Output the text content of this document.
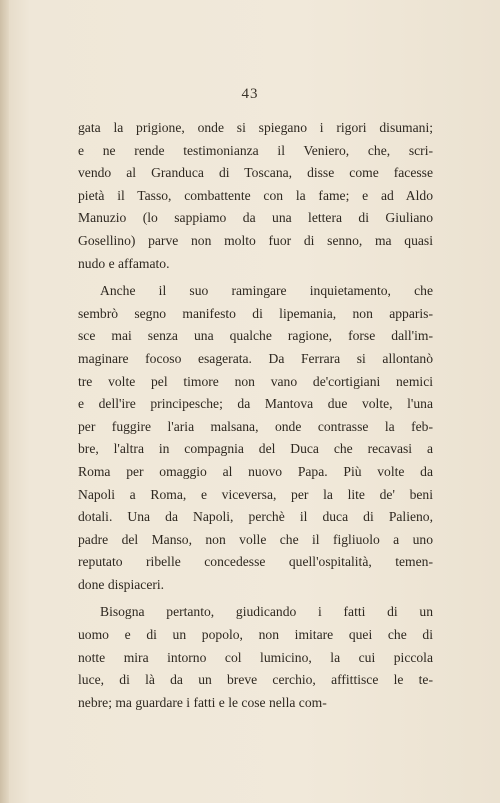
43
gata la prigione, onde si spiegano i rigori disumani;
e ne rende testimonianza il Veniero, che, scri-
vendo al Granduca di Toscana, disse come facesse
pietà il Tasso, combattente con la fame; e ad Aldo
Manuzio (lo sappiamo da una lettera di Giuliano
Gosellino) parve non molto fuor di senno, ma quasi
nudo e affamato.
Anche il suo ramingare inquietamento, che
sembrò segno manifesto di lipemania, non apparis-
sce mai senza una qualche ragione, forse dall'im-
maginare focoso esagerata. Da Ferrara si allontanò
tre volte pel timore non vano de'cortigiani nemici
e dell'ire principesche; da Mantova due volte, l'una
per fuggire l'aria malsana, onde contrasse la feb-
bre, l'altra in compagnia del Duca che recavasi a
Roma per omaggio al nuovo Papa. Più volte da
Napoli a Roma, e viceversa, per la lite de' beni
dotali. Una da Napoli, perchè il duca di Palieno,
padre del Manso, non volle che il figliuolo a uno
reputato ribelle concedesse quell'ospitalità, temen-
done dispiaceri.
Bisogna pertanto, giudicando i fatti di un
uomo e di un popolo, non imitare quei che di
notte mira intorno col lumicino, la cui piccola
luce, di là da un breve cerchio, affittisce le te-
nebre; ma guardare i fatti e le cose nella com-
